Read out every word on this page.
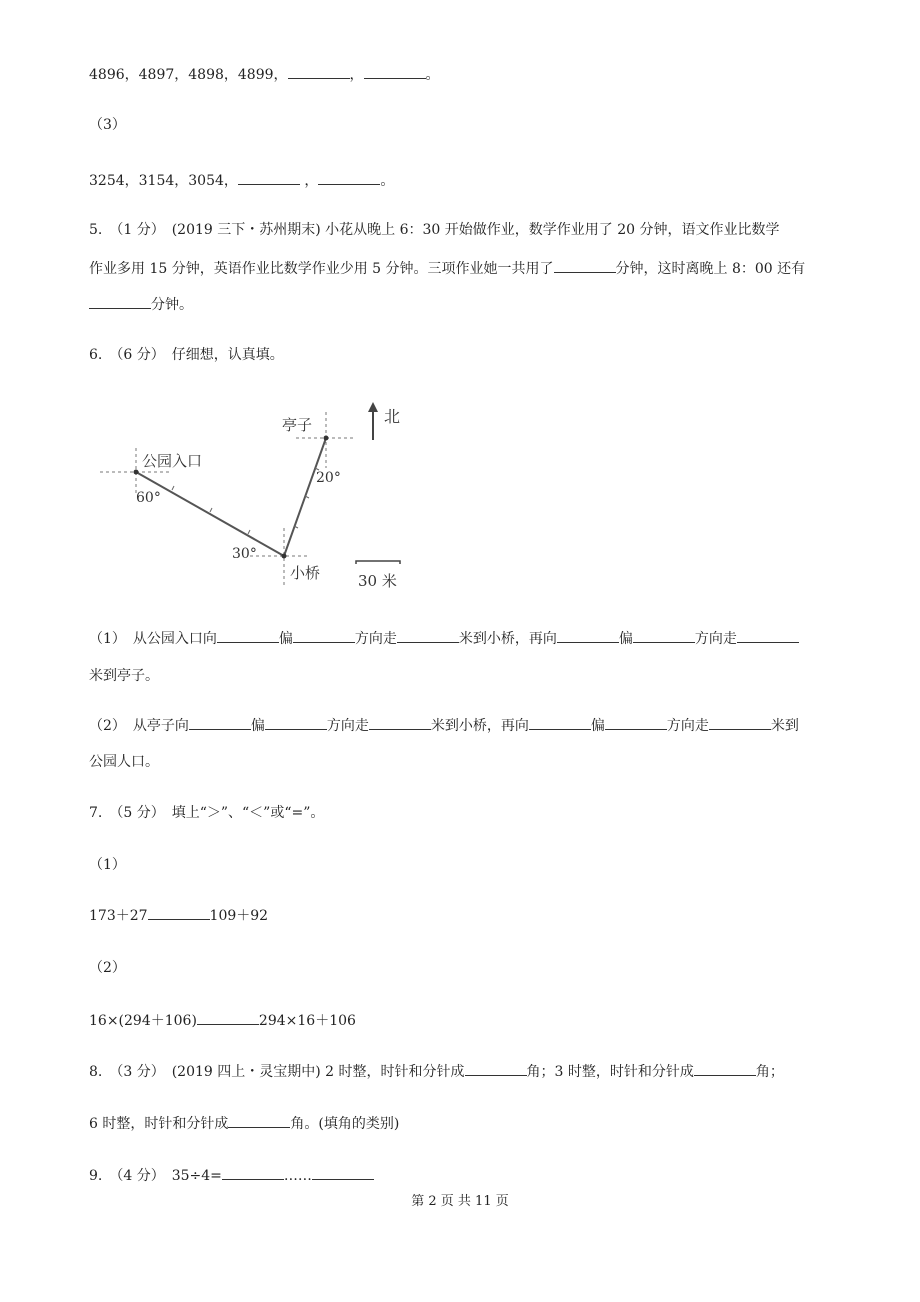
4896，4897，4898，4899，	，	。
（3）
3254，3154，3054，	，	。
5.　（1 分）　(2019 三下・苏州期末) 小花从晚上 6：30 开始做作业，数学作业用了 20 分钟，语文作业比数学
作业多用 15 分钟，英语作业比数学作业少用 5 分钟。三项作业她一共用了	分钟，这时离晚上 8：00 还有
分钟。
6.　（6 分）　仔细想，认真填。
北
亭子
公园入口
小桥
60°
30°
20°
30 米
（1）　从公园入口向	偏	方向走	米到小桥，再向	偏	方向走
米到亭子。
（2）　从亭子向	偏	方向走	米到小桥，再向	偏	方向走	米到
公园人口。
7.　（5 分）　填上“＞”、“＜”或“=”。
（1）
173＋27	109＋92
（2）
16×(294＋106)	294×16＋106
8.　（3 分）　(2019 四上・灵宝期中) 2 时整，时针和分针成	角；3 时整，时针和分针成	角；
6 时整，时针和分针成	角。(填角的类别)
9.　（4 分）　35÷4=	……
第 2 页 共 11 页
